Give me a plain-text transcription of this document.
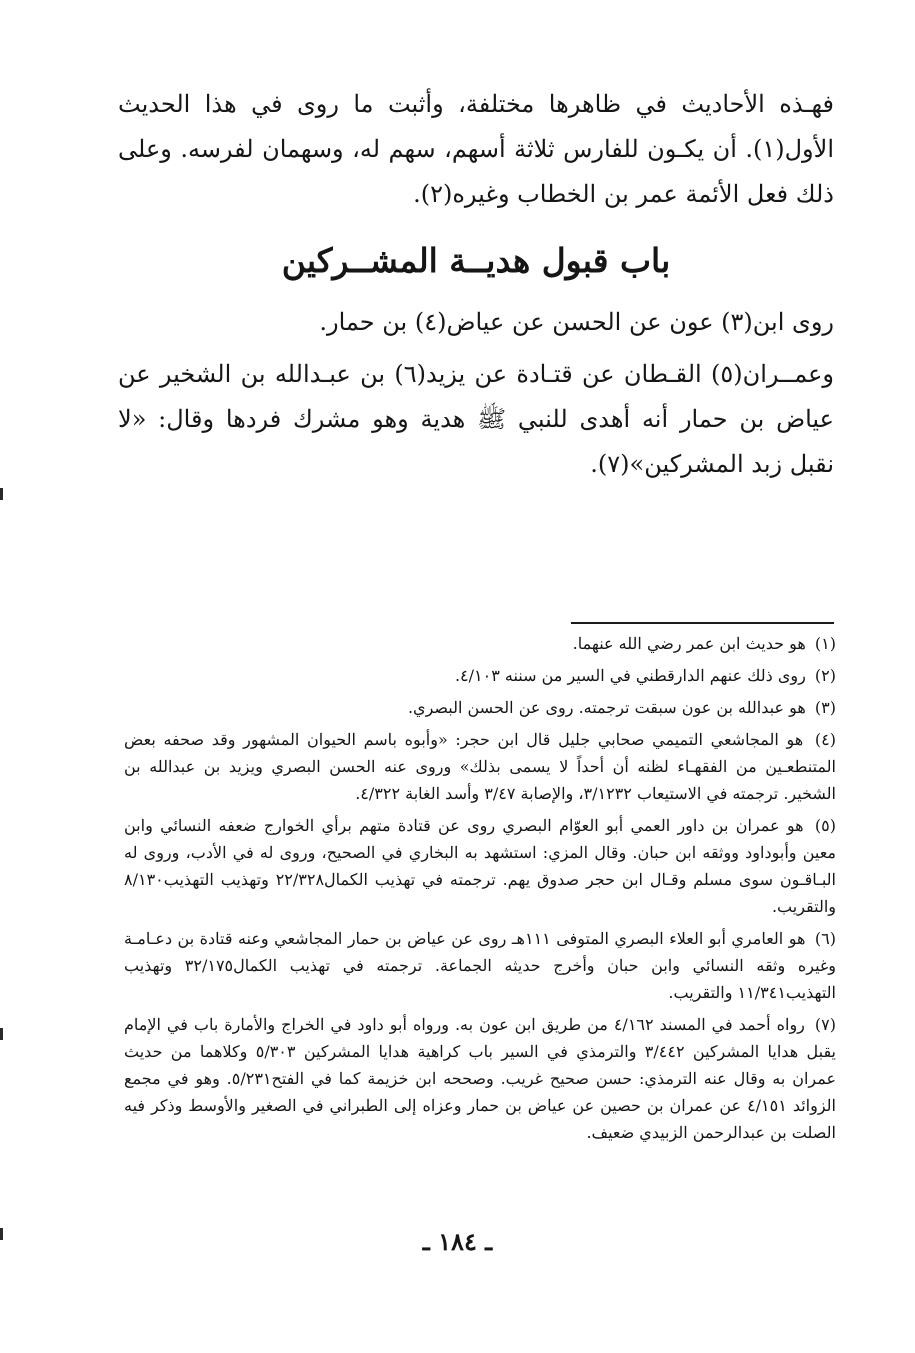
فهـذه الأحاديث في ظاهرها مختلفة، وأثبت ما روى في هذا الحديث الأول(١). أن يكـون للفارس ثلاثة أسهم، سهم له، وسهمان لفرسه. وعلى ذلك فعل الأئمة عمر بن الخطاب وغيره(٢).

باب قبول هديــة المشــركين

روى ابن(٣) عون عن الحسن عن عياض(٤) بن حمار.

وعمــران(٥) القـطان عن قتـادة عن يزيد(٦) بن عبـدالله بن الشخير عن عياض بن حمار أنه أهدى للنبي ﷺ هدية وهو مشرك فردها وقال: «لا نقبل زبد المشركين»(٧).

(١) هو حديث ابن عمر رضي الله عنهما.

(٢) روى ذلك عنهم الدارقطني في السير من سننه ٤/١٠٣.

(٣) هو عبدالله بن عون سبقت ترجمته. روى عن الحسن البصري.

(٤) هو المجاشعي التميمي صحابي جليل قال ابن حجر: «وأبوه باسم الحيوان المشهور وقد صحفه بعض المتنطعـين من الفقهـاء لظنه أن أحداً لا يسمى بذلك» وروى عنه الحسن البصري ويزيد بن عبدالله بن الشخير. ترجمته في الاستيعاب ٣/١٢٣٢، والإصابة ٣/٤٧ وأسد الغابة ٤/٣٢٢.

(٥) هو عمران بن داور العمي أبو العوّام البصري روى عن قتادة متهم برأي الخوارج ضعفه النسائي وابن معين وأبوداود ووثقه ابن حبان. وقال المزي: استشهد به البخاري في الصحيح، وروى له في الأدب، وروى له البـاقـون سوى مسلم وقـال ابن حجر صدوق يهم. ترجمته في تهذيب الكمال٢٢/٣٢٨ وتهذيب التهذيب٨/١٣٠ والتقريب.

(٦) هو العامري أبو العلاء البصري المتوفى ١١١هـ روى عن عياض بن حمار المجاشعي وعنه قتادة بن دعـامـة وغيره وثقه النسائي وابن حبان وأخرج حديثه الجماعة. ترجمته في تهذيب الكمال٣٢/١٧٥ وتهذيب التهذيب١١/٣٤١ والتقريب.

(٧) رواه أحمد في المسند ٤/١٦٢ من طريق ابن عون به. ورواه أبو داود في الخراج والأمارة باب في الإمام يقبل هدايا المشركين ٣/٤٤٢ والترمذي في السير باب كراهية هدايا المشركين ٥/٣٠٣ وكلاهما من حديث عمران به وقال عنه الترمذي: حسن صحيح غريب. وصححه ابن خزيمة كما في الفتح٥/٢٣١. وهو في مجمع الزوائد ٤/١٥١ عن عمران بن حصين عن عياض بن حمار وعزاه إلى الطبراني في الصغير والأوسط وذكر فيه الصلت بن عبدالرحمن الزبيدي ضعيف.

ـ ١٨٤ ـ
